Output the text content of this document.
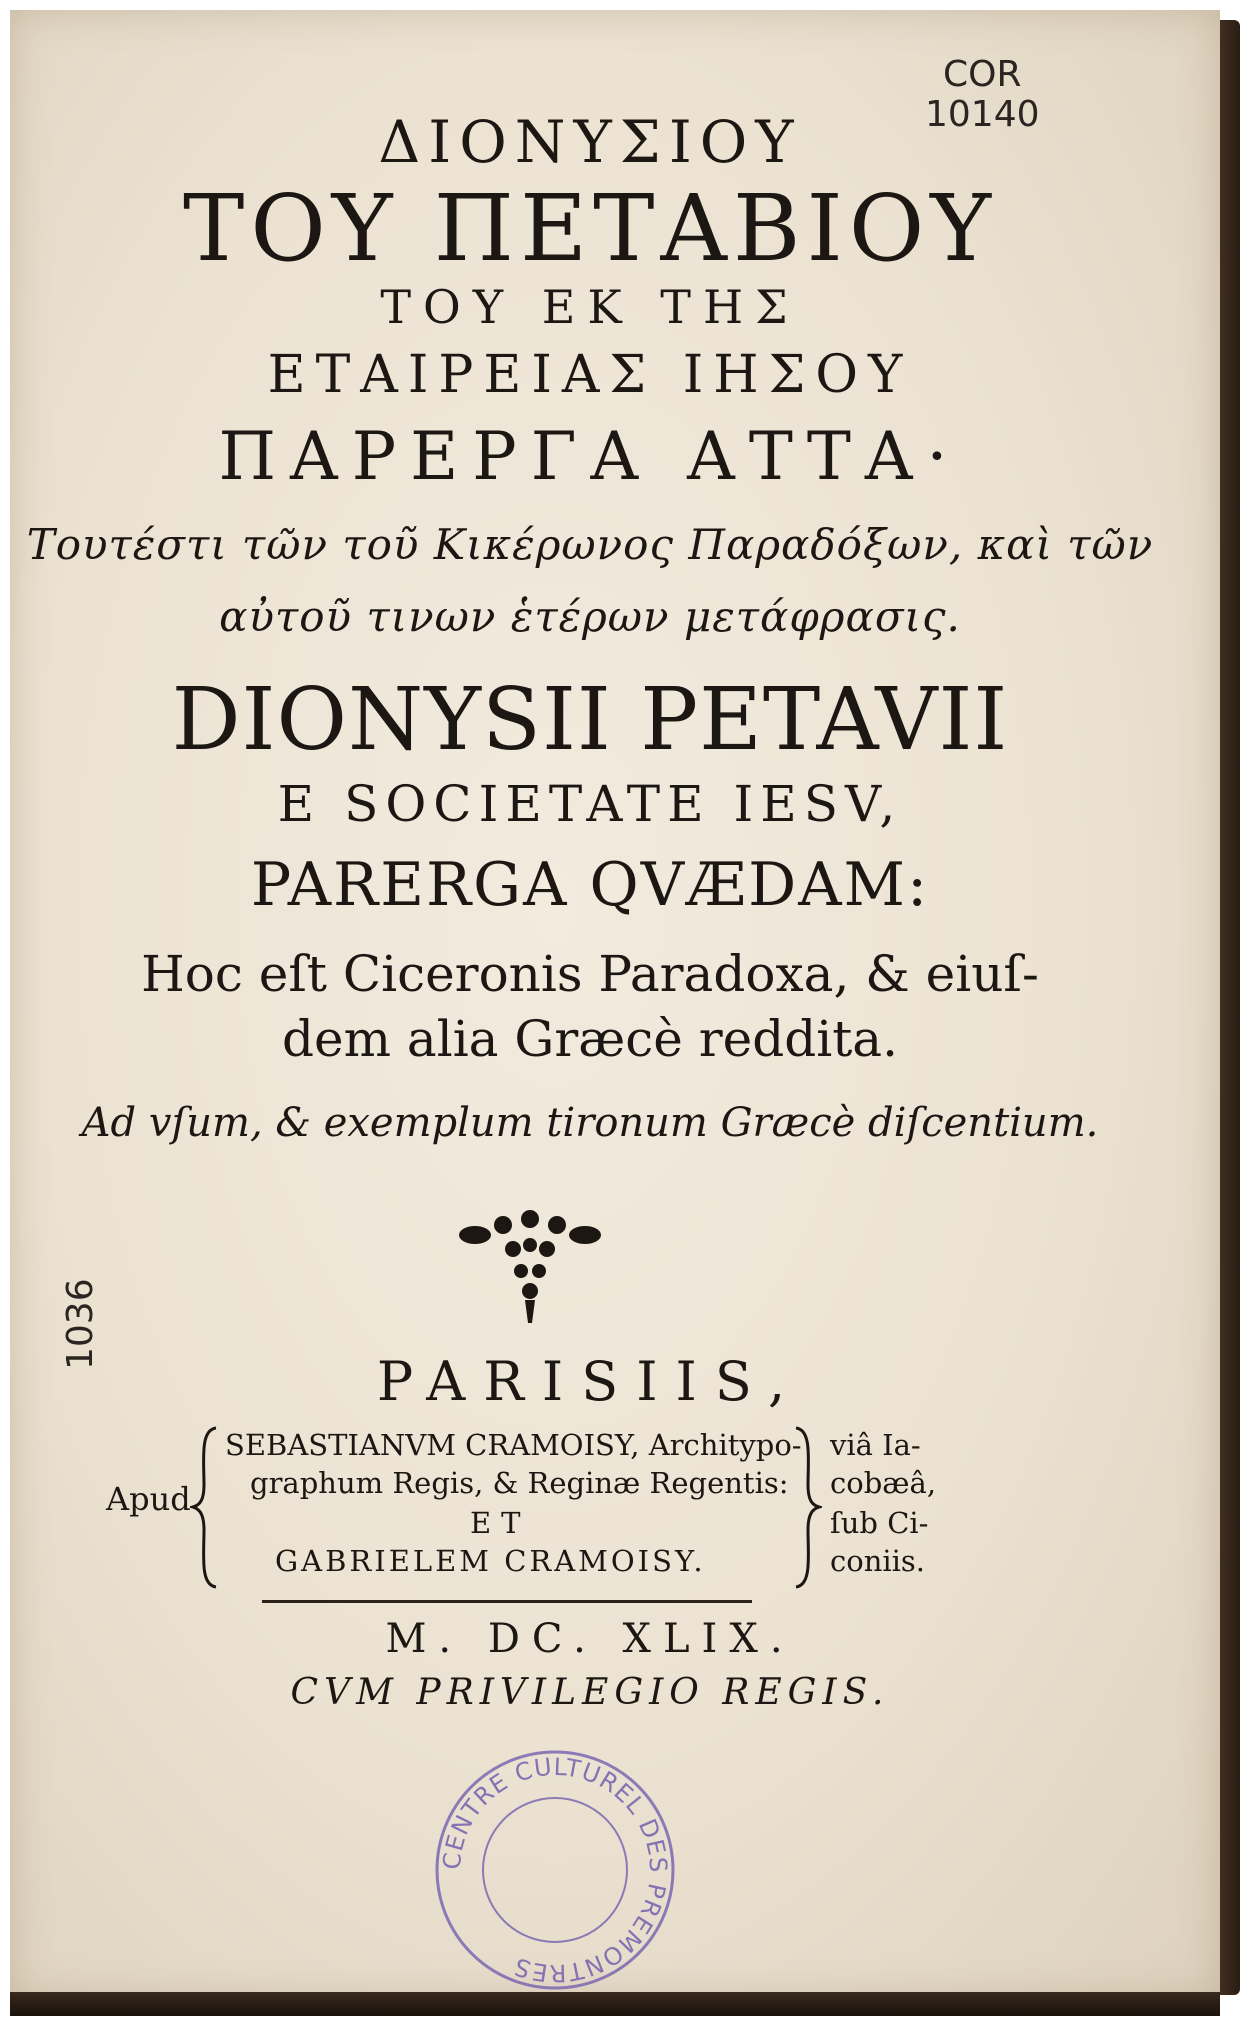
COR
10140

1036

ΔΙΟΝΥΣΙΟΥ

ΤΟΥ ΠΕΤΑΒΙΟΥ

ΤΟΥ ΕΚ ΤΗΣ

ΕΤΑΙΡΕΙΑΣ ΙΗΣΟΥ

ΠΑΡΕΡΓΑ ΑΤΤΑ·

Τουτέστι τῶν τοῦ Κικέρωνος Παραδόξων, καὶ τῶν

αὐτοῦ τινων ἑτέρων μετάφρασις.

DIONYSII PETAVII

E SOCIETATE IESV,

PARERGA QVÆDAM:

Hoc eſt Ciceronis Paradoxa, & eiuſ-

dem alia Græcè reddita.

Ad vſum, & exemplum tironum Græcè diſcentium.

PARISIIS,

Apud

SEBASTIANVM CRAMOISY, Architypo-

graphum Regis, & Reginæ Regentis:

ET

GABRIELEM CRAMOISY.

viâ Ia-

cobæâ,

ſub Ci-

coniis.

M. DC. XLIX.

CVM PRIVILEGIO REGIS.

CENTRE CULTUREL DES PREMONTRES
